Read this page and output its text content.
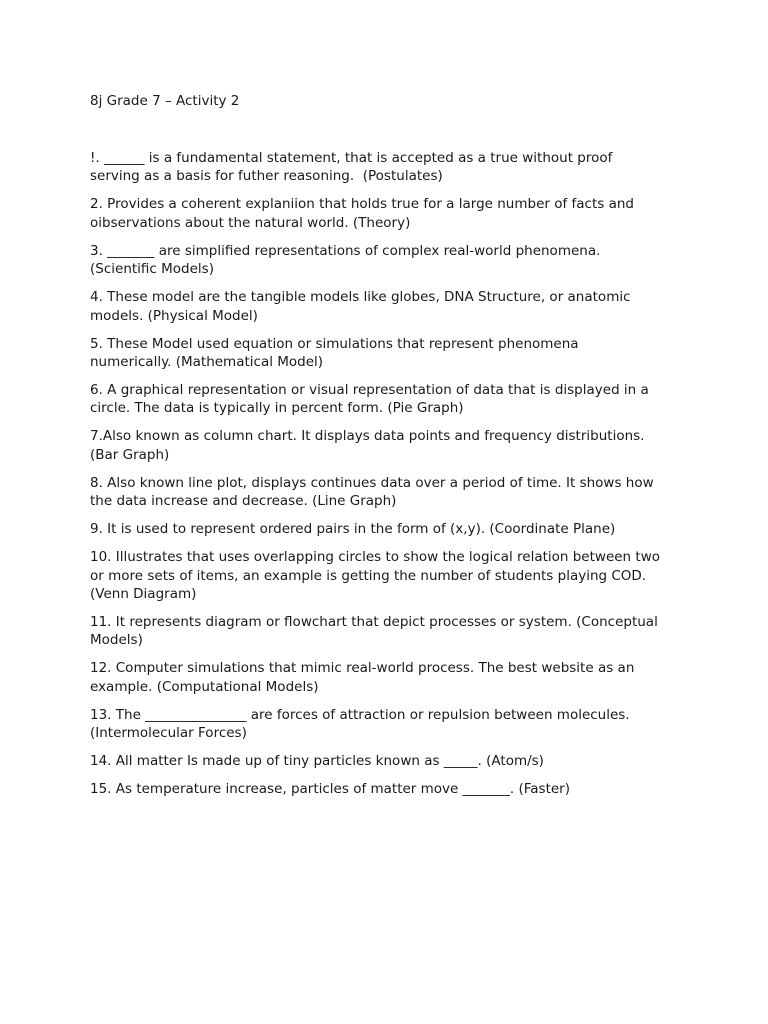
8j Grade 7 – Activity 2
!. ______ is a fundamental statement, that is accepted as a true without proof
serving as a basis for futher reasoning.  (Postulates)
2. Provides a coherent explaniion that holds true for a large number of facts and
oibservations about the natural world. (Theory)
3. _______ are simplified representations of complex real-world phenomena.
(Scientific Models)
4. These model are the tangible models like globes, DNA Structure, or anatomic
models. (Physical Model)
5. These Model used equation or simulations that represent phenomena
numerically. (Mathematical Model)
6. A graphical representation or visual representation of data that is displayed in a
circle. The data is typically in percent form. (Pie Graph)
7.Also known as column chart. It displays data points and frequency distributions.
(Bar Graph)
8. Also known line plot, displays continues data over a period of time. It shows how
the data increase and decrease. (Line Graph)
9. It is used to represent ordered pairs in the form of (x,y). (Coordinate Plane)
10. Illustrates that uses overlapping circles to show the logical relation between two
or more sets of items, an example is getting the number of students playing COD.
(Venn Diagram)
11. It represents diagram or flowchart that depict processes or system. (Conceptual
Models)
12. Computer simulations that mimic real-world process. The best website as an
example. (Computational Models)
13. The _______________ are forces of attraction or repulsion between molecules.
(Intermolecular Forces)
14. All matter Is made up of tiny particles known as _____. (Atom/s)
15. As temperature increase, particles of matter move _______. (Faster)
